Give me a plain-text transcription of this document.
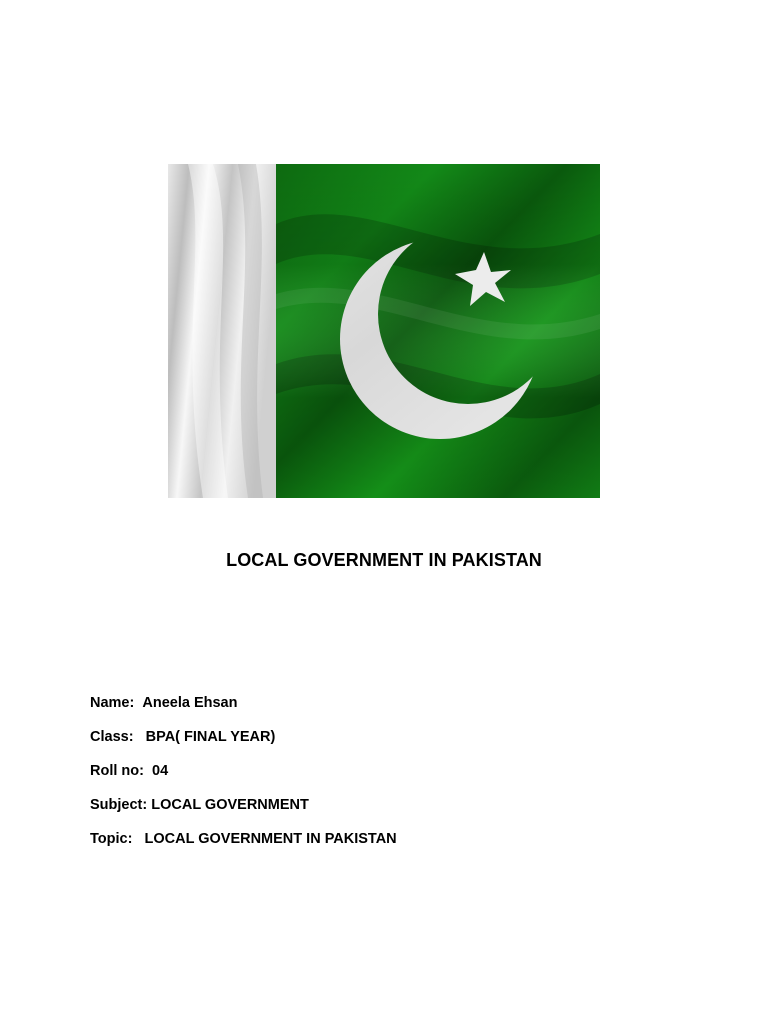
LOCAL GOVERNMENT IN PAKISTAN
Name: Aneela Ehsan
Class: BPA( FINAL YEAR)
Roll no: 04
Subject: LOCAL GOVERNMENT
Topic: LOCAL GOVERNMENT IN PAKISTAN
